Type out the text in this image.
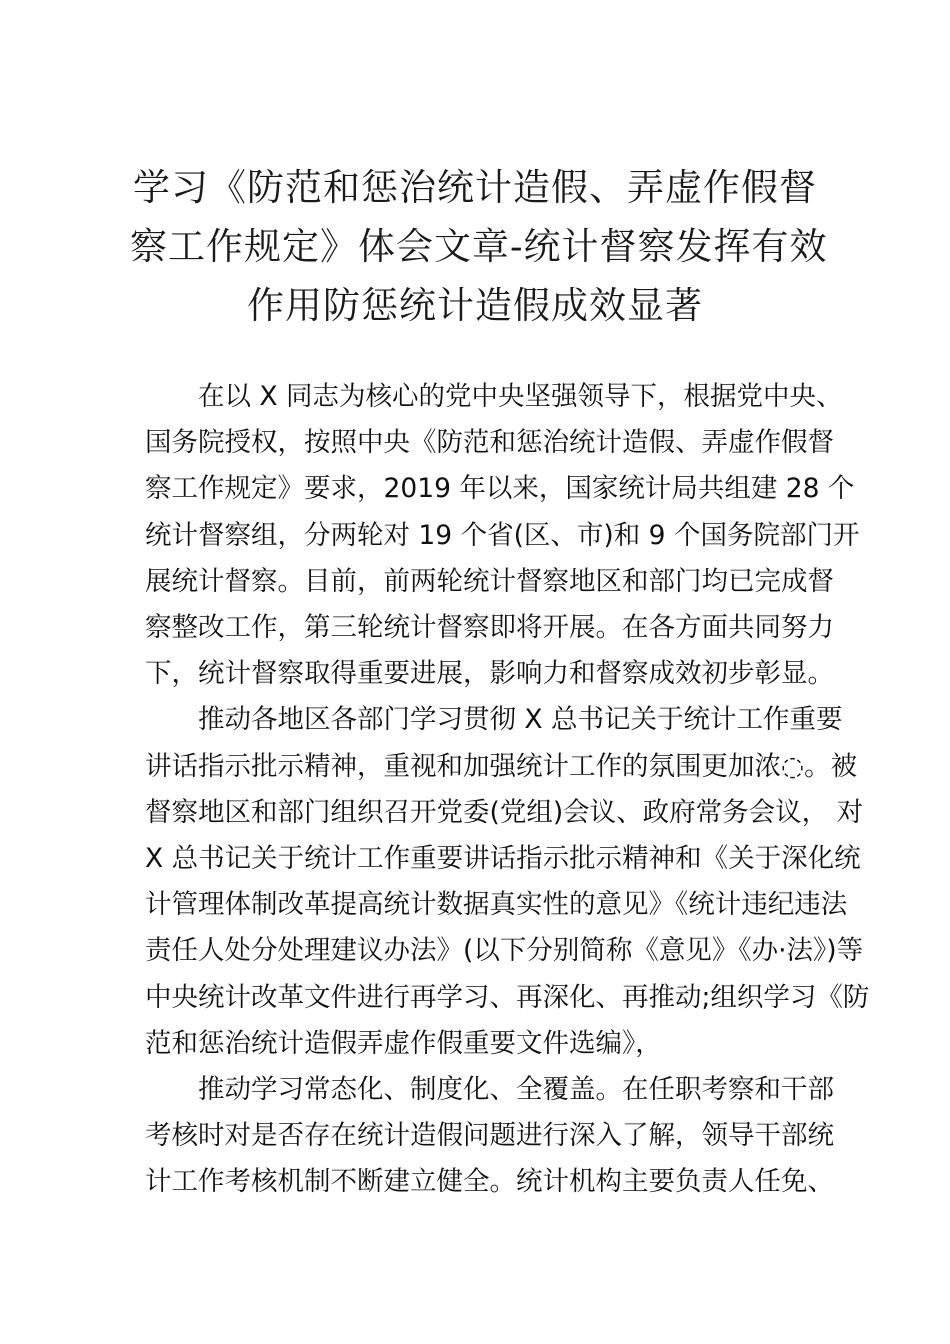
学习《防范和惩治统计造假、弄虚作假督
察工作规定》体会文章-统计督察发挥有效
作用防惩统计造假成效显著
在以 X 同志为核心的党中央坚强领导下，根据党中央、
国务院授权，按照中央《防范和惩治统计造假、弄虚作假督
察工作规定》要求，2019 年以来，国家统计局共组建 28 个
统计督察组，分两轮对 19 个省(区、市)和 9 个国务院部门开
展统计督察。目前，前两轮统计督察地区和部门均已完成督
察整改工作，第三轮统计督察即将开展。在各方面共同努力
下，统计督察取得重要进展，影响力和督察成效初步彰显。
推动各地区各部门学习贯彻 X 总书记关于统计工作重要
讲话指示批示精神，重视和加强统计工作的氛围更加浓◌。被
督察地区和部门组织召开党委(党组)会议、政府常务会议， 对
X 总书记关于统计工作重要讲话指示批示精神和《关于深化统
计管理体制改革提高统计数据真实性的意见》《统计违纪违法
责任人处分处理建议办法》(以下分别简称《意见》《办·法》)等
中央统计改革文件进行再学习、再深化、再推动;组织学习《防
范和惩治统计造假弄虚作假重要文件选编》，
推动学习常态化、制度化、全覆盖。在任职考察和干部
考核时对是否存在统计造假问题进行深入了解，领导干部统
计工作考核机制不断建立健全。统计机构主要负责人任免、
